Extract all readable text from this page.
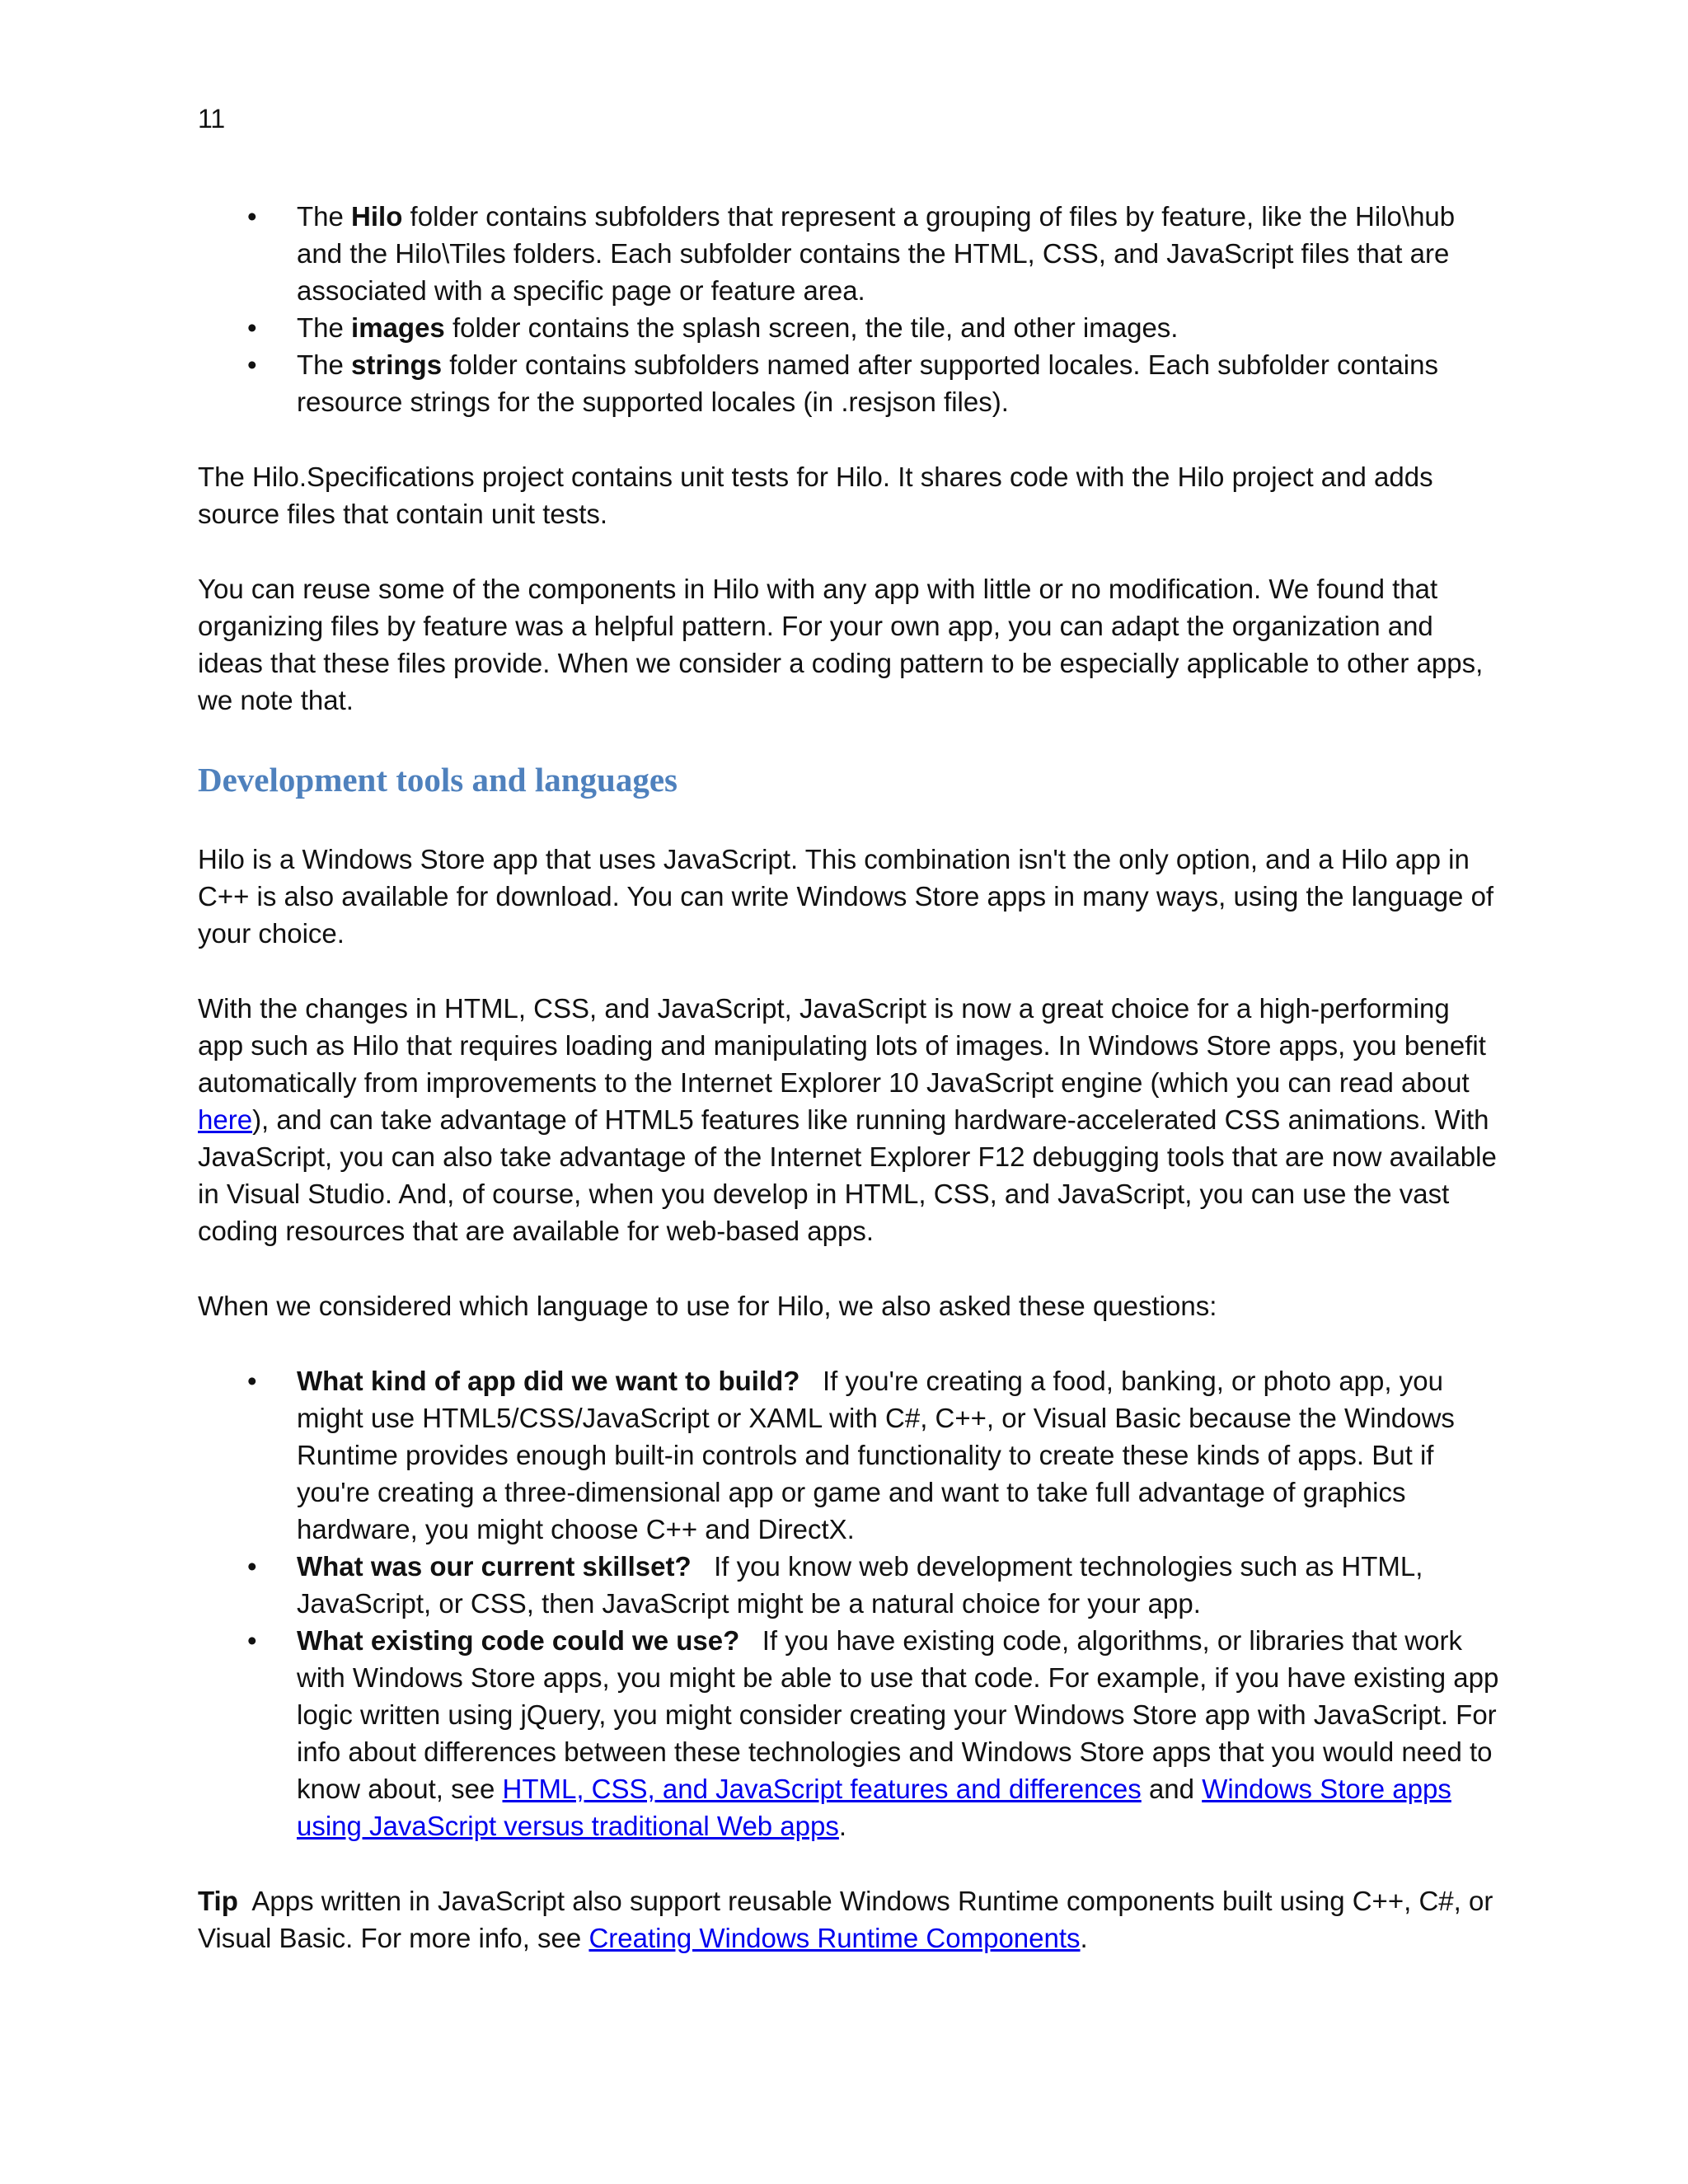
11
• The Hilo folder contains subfolders that represent a grouping of files by feature, like the Hilo\hub and the Hilo\Tiles folders. Each subfolder contains the HTML, CSS, and JavaScript files that are associated with a specific page or feature area.
• The images folder contains the splash screen, the tile, and other images.
• The strings folder contains subfolders named after supported locales. Each subfolder contains resource strings for the supported locales (in .resjson files).

The Hilo.Specifications project contains unit tests for Hilo. It shares code with the Hilo project and adds source files that contain unit tests.

You can reuse some of the components in Hilo with any app with little or no modification. We found that organizing files by feature was a helpful pattern. For your own app, you can adapt the organization and ideas that these files provide. When we consider a coding pattern to be especially applicable to other apps, we note that.

Development tools and languages

Hilo is a Windows Store app that uses JavaScript. This combination isn't the only option, and a Hilo app in C++ is also available for download. You can write Windows Store apps in many ways, using the language of your choice.

With the changes in HTML, CSS, and JavaScript, JavaScript is now a great choice for a high-performing app such as Hilo that requires loading and manipulating lots of images. In Windows Store apps, you benefit automatically from improvements to the Internet Explorer 10 JavaScript engine (which you can read about here), and can take advantage of HTML5 features like running hardware-accelerated CSS animations. With JavaScript, you can also take advantage of the Internet Explorer F12 debugging tools that are now available in Visual Studio. And, of course, when you develop in HTML, CSS, and JavaScript, you can use the vast coding resources that are available for web-based apps.

When we considered which language to use for Hilo, we also asked these questions:

• What kind of app did we want to build?   If you're creating a food, banking, or photo app, you might use HTML5/CSS/JavaScript or XAML with C#, C++, or Visual Basic because the Windows Runtime provides enough built-in controls and functionality to create these kinds of apps. But if you're creating a three-dimensional app or game and want to take full advantage of graphics hardware, you might choose C++ and DirectX.
• What was our current skillset?   If you know web development technologies such as HTML, JavaScript, or CSS, then JavaScript might be a natural choice for your app.
• What existing code could we use?   If you have existing code, algorithms, or libraries that work with Windows Store apps, you might be able to use that code. For example, if you have existing app logic written using jQuery, you might consider creating your Windows Store app with JavaScript. For info about differences between these technologies and Windows Store apps that you would need to know about, see HTML, CSS, and JavaScript features and differences and Windows Store apps using JavaScript versus traditional Web apps.

Tip  Apps written in JavaScript also support reusable Windows Runtime components built using C++, C#, or Visual Basic. For more info, see Creating Windows Runtime Components.
